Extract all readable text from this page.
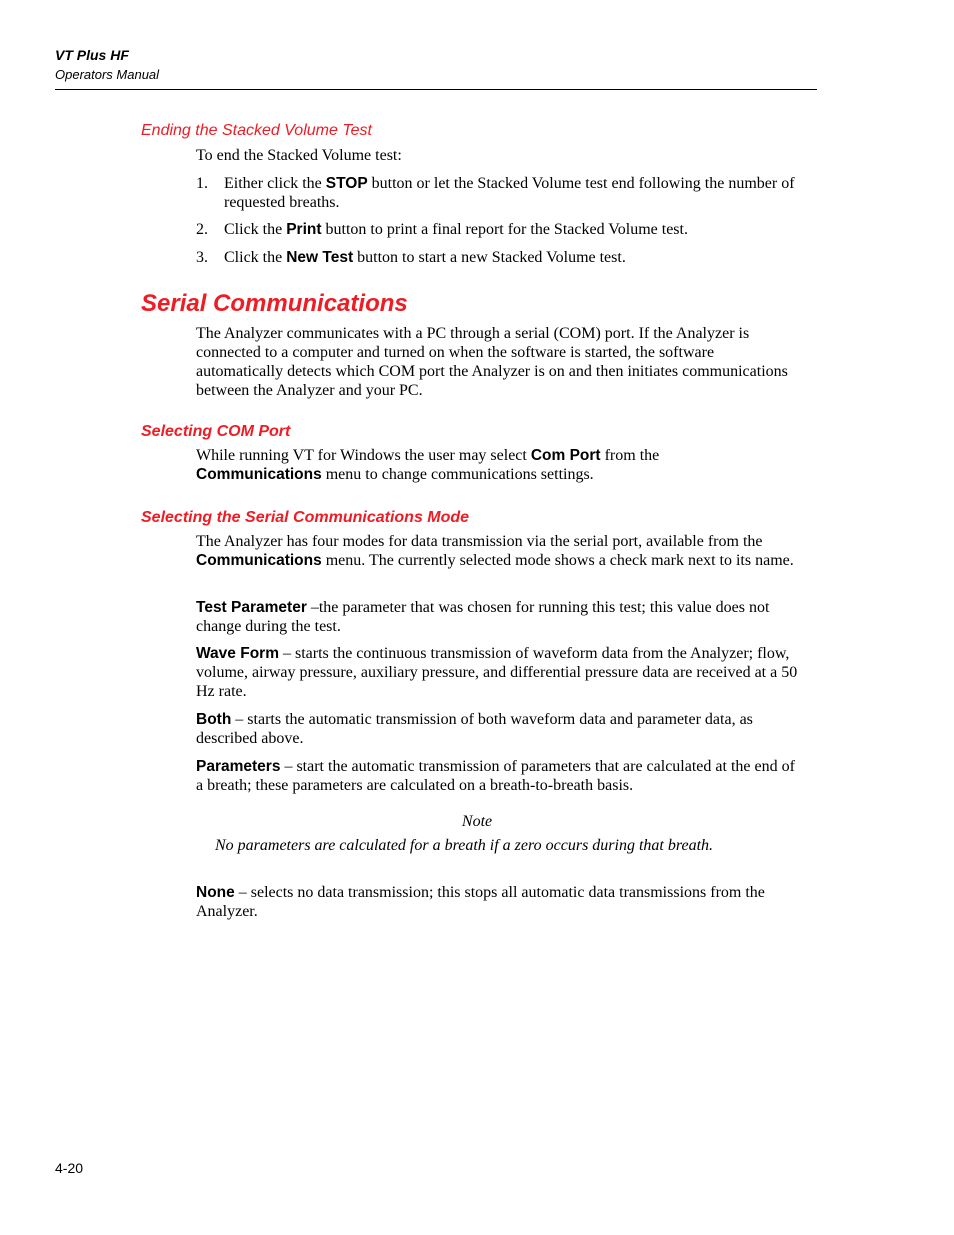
VT Plus HF
Operators Manual
Ending the Stacked Volume Test
To end the Stacked Volume test:
1. Either click the STOP button or let the Stacked Volume test end following the number of requested breaths.
2. Click the Print button to print a final report for the Stacked Volume test.
3. Click the New Test button to start a new Stacked Volume test.
Serial Communications
The Analyzer communicates with a PC through a serial (COM) port. If the Analyzer is connected to a computer and turned on when the software is started, the software automatically detects which COM port the Analyzer is on and then initiates communications between the Analyzer and your PC.
Selecting COM Port
While running VT for Windows the user may select Com Port from the Communications menu to change communications settings.
Selecting the Serial Communications Mode
The Analyzer has four modes for data transmission via the serial port, available from the Communications menu. The currently selected mode shows a check mark next to its name.
Test Parameter –the parameter that was chosen for running this test; this value does not change during the test.
Wave Form – starts the continuous transmission of waveform data from the Analyzer; flow, volume, airway pressure, auxiliary pressure, and differential pressure data are received at a 50 Hz rate.
Both – starts the automatic transmission of both waveform data and parameter data, as described above.
Parameters – start the automatic transmission of parameters that are calculated at the end of a breath; these parameters are calculated on a breath-to-breath basis.
Note
No parameters are calculated for a breath if a zero occurs during that breath.
None – selects no data transmission; this stops all automatic data transmissions from the Analyzer.
4-20
